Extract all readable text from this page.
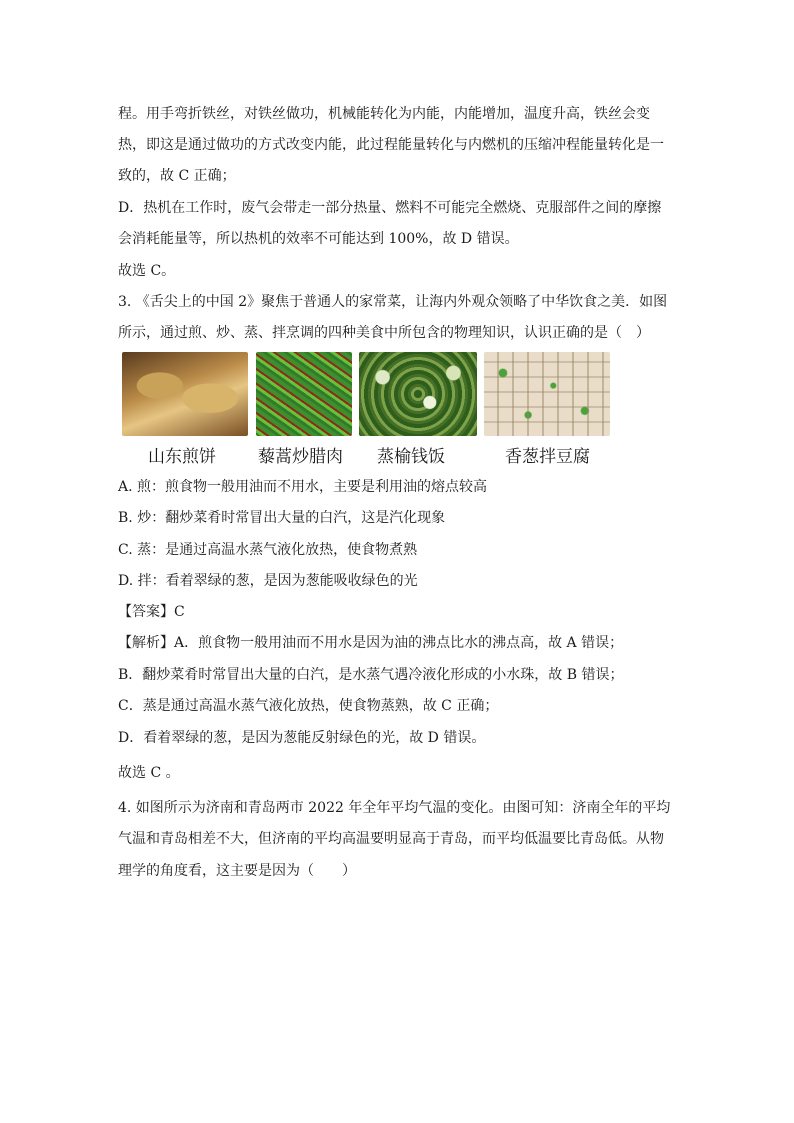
程。用手弯折铁丝，对铁丝做功，机械能转化为内能，内能增加，温度升高，铁丝会变
热，即这是通过做功的方式改变内能，此过程能量转化与内燃机的压缩冲程能量转化是一
致的，故 C 正确；
D．热机在工作时，废气会带走一部分热量、燃料不可能完全燃烧、克服部件之间的摩擦
会消耗能量等，所以热机的效率不可能达到 100%，故 D 错误。
故选 C。
3. 《舌尖上的中国 2》聚焦于普通人的家常菜，让海内外观众领略了中华饮食之美．如图
所示，通过煎、炒、蒸、拌烹调的四种美食中所包含的物理知识，认识正确的是（　）
山东煎饼 藜蒿炒腊肉 蒸榆钱饭	香葱拌豆腐
A. 煎：煎食物一般用油而不用水，主要是利用油的熔点较高
B. 炒：翻炒菜肴时常冒出大量的白汽，这是汽化现象
C. 蒸：是通过高温水蒸气液化放热，使食物煮熟
D. 拌：看着翠绿的葱，是因为葱能吸收绿色的光
【答案】C
【解析】A．煎食物一般用油而不用水是因为油的沸点比水的沸点高，故 A 错误；
B．翻炒菜肴时常冒出大量的白汽，是水蒸气遇冷液化形成的小水珠，故 B 错误；
C．蒸是通过高温水蒸气液化放热，使食物蒸熟，故 C 正确；
D．看着翠绿的葱，是因为葱能反射绿色的光，故 D 错误。
故选 C 。
4. 如图所示为济南和青岛两市 2022 年全年平均气温的变化。由图可知：济南全年的平均
气温和青岛相差不大，但济南的平均高温要明显高于青岛，而平均低温要比青岛低。从物
理学的角度看，这主要是因为（　　）
